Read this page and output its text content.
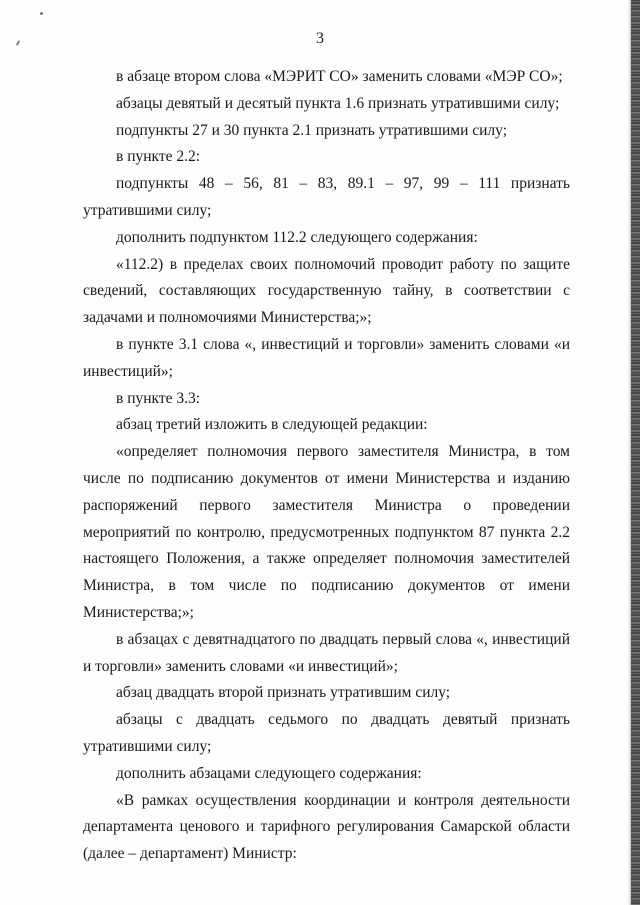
3

в абзаце втором слова «МЭРИТ СО» заменить словами «МЭР СО»;

абзацы девятый и десятый пункта 1.6 признать утратившими силу;

подпункты 27 и 30 пункта 2.1 признать утратившими силу;

в пункте 2.2:

подпункты 48 – 56, 81 – 83, 89.1 – 97, 99 – 111 признать утратившими силу;

дополнить подпунктом 112.2 следующего содержания:

«112.2) в пределах своих полномочий проводит работу по защите сведений, составляющих государственную тайну, в соответствии с задачами и полномочиями Министерства;»;

в пункте 3.1 слова «, инвестиций и торговли» заменить словами «и инвестиций»;

в пункте 3.3:

абзац третий изложить в следующей редакции:

«определяет полномочия первого заместителя Министра, в том числе по подписанию документов от имени Министерства и изданию распоряжений первого заместителя Министра о проведении мероприятий по контролю, предусмотренных подпунктом 87 пункта 2.2 настоящего Положения, а также определяет полномочия заместителей Министра, в том числе по подписанию документов от имени Министерства;»;

в абзацах с девятнадцатого по двадцать первый слова «, инвестиций и торговли» заменить словами «и инвестиций»;

абзац двадцать второй признать утратившим силу;

абзацы с двадцать седьмого по двадцать девятый признать утратившими силу;

дополнить абзацами следующего содержания:

«В рамках осуществления координации и контроля деятельности департамента ценового и тарифного регулирования Самарской области (далее – департамент) Министр:
